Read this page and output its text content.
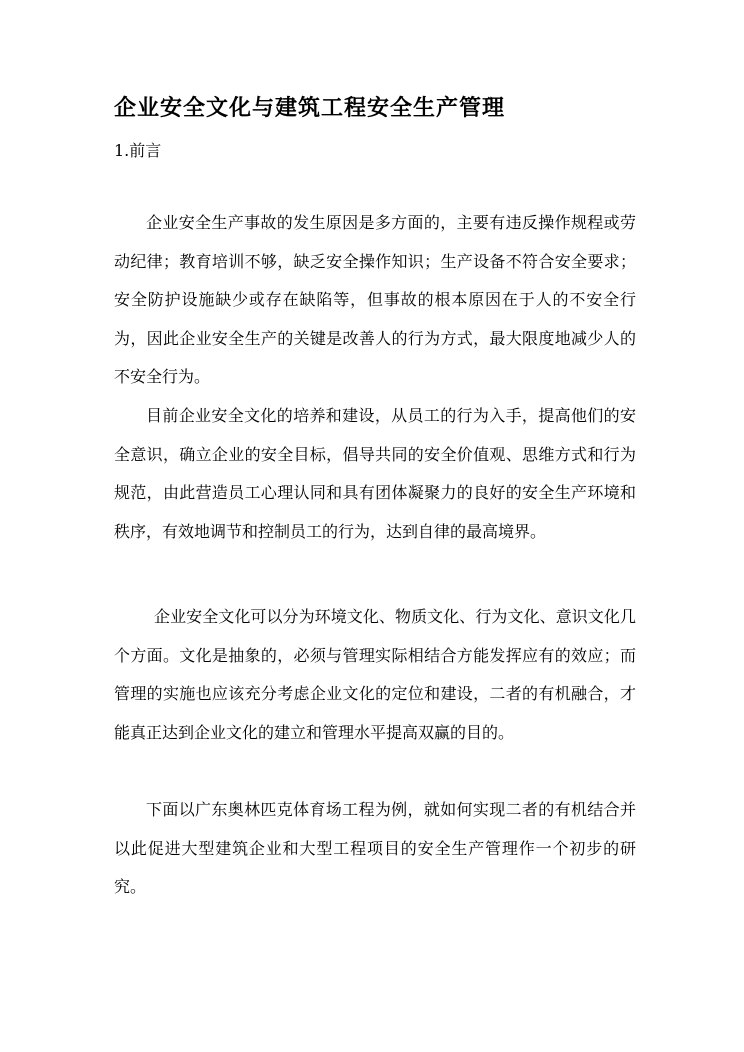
企业安全文化与建筑工程安全生产管理

1.前言

企业安全生产事故的发生原因是多方面的，主要有违反操作规程或劳动纪律；教育培训不够，缺乏安全操作知识；生产设备不符合安全要求；安全防护设施缺少或存在缺陷等，但事故的根本原因在于人的不安全行为，因此企业安全生产的关键是改善人的行为方式，最大限度地减少人的不安全行为。

目前企业安全文化的培养和建设，从员工的行为入手，提高他们的安全意识，确立企业的安全目标，倡导共同的安全价值观、思维方式和行为规范，由此营造员工心理认同和具有团体凝聚力的良好的安全生产环境和秩序，有效地调节和控制员工的行为，达到自律的最高境界。

企业安全文化可以分为环境文化、物质文化、行为文化、意识文化几个方面。文化是抽象的，必须与管理实际相结合方能发挥应有的效应；而管理的实施也应该充分考虑企业文化的定位和建设，二者的有机融合，才能真正达到企业文化的建立和管理水平提高双赢的目的。

下面以广东奥林匹克体育场工程为例，就如何实现二者的有机结合并以此促进大型建筑企业和大型工程项目的安全生产管理作一个初步的研究。
